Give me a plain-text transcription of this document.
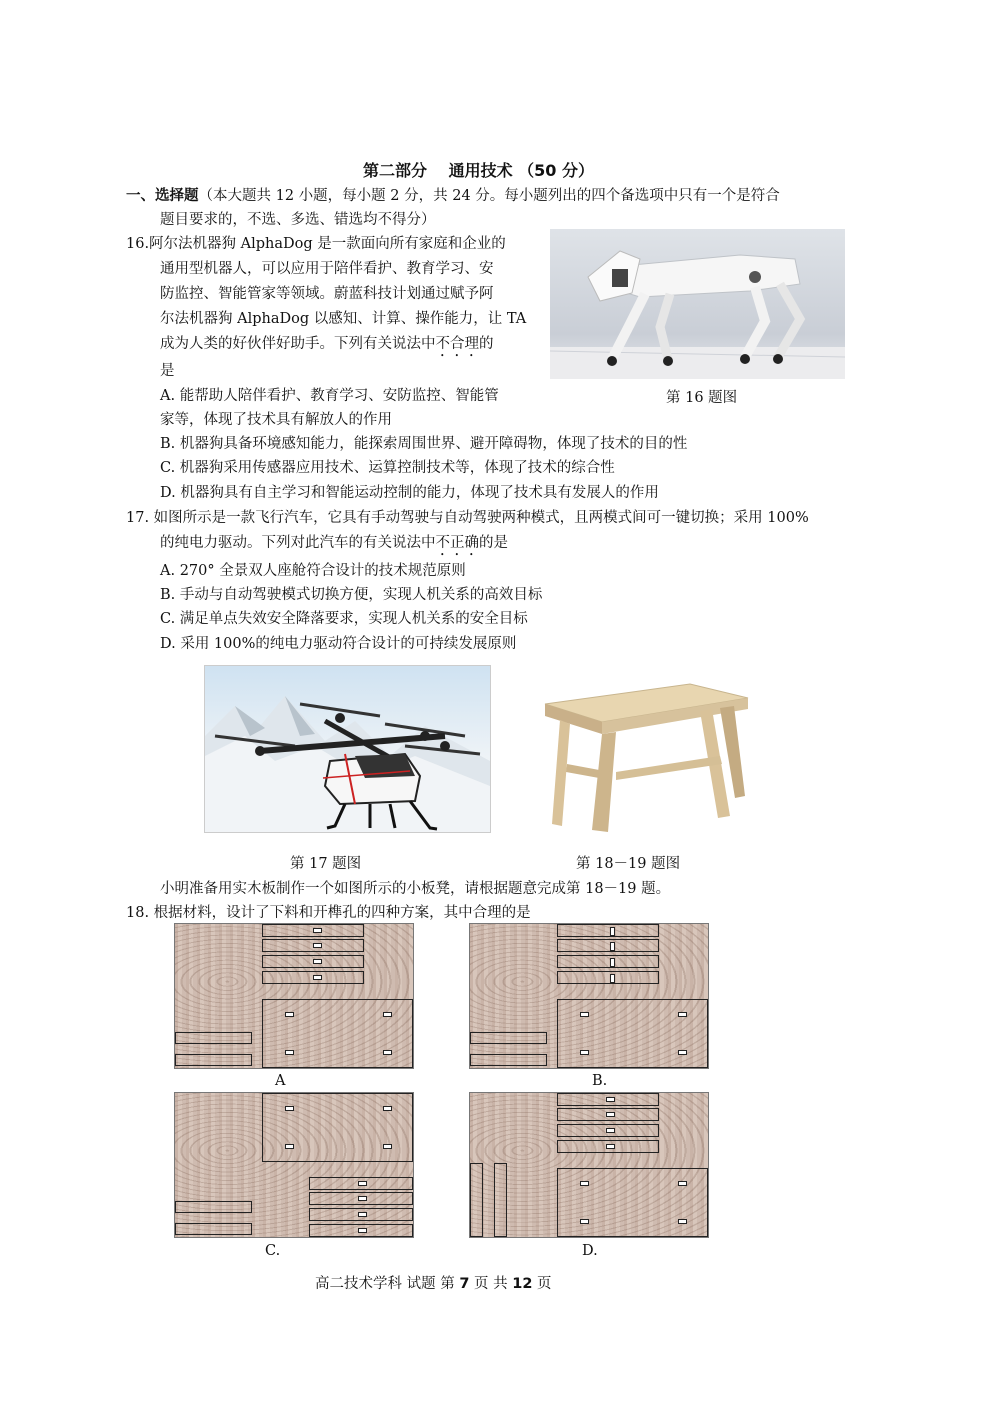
第二部分　 通用技术 （50 分）
一、选择题（本大题共 12 小题，每小题 2 分，共 24 分。每小题列出的四个备选项中只有一个是符合
题目要求的，不选、多选、错选均不得分）
16.阿尔法机器狗 AlphaDog 是一款面向所有家庭和企业的
通用型机器人，可以应用于陪伴看护、教育学习、安
防监控、智能管家等领域。蔚蓝科技计划通过赋予阿
尔法机器狗 AlphaDog 以感知、计算、操作能力，让 TA
成为人类的好伙伴好助手。下列有关说法中不合理的
是
A. 能帮助人陪伴看护、教育学习、安防监控、智能管
家等，体现了技术具有解放人的作用
B. 机器狗具备环境感知能力，能探索周围世界、避开障碍物，体现了技术的目的性
C. 机器狗采用传感器应用技术、运算控制技术等，体现了技术的综合性
D. 机器狗具有自主学习和智能运动控制的能力，体现了技术具有发展人的作用
第 16 题图
17. 如图所示是一款飞行汽车，它具有手动驾驶与自动驾驶两种模式，且两模式间可一键切换；采用 100%
的纯电力驱动。下列对此汽车的有关说法中不正确的是
A. 270° 全景双人座舱符合设计的技术规范原则
B. 手动与自动驾驶模式切换方便，实现人机关系的高效目标
C. 满足单点失效安全降落要求，实现人机关系的安全目标
D. 采用 100%的纯电力驱动符合设计的可持续发展原则
第 17 题图	第 18－19 题图
小明准备用实木板制作一个如图所示的小板凳，请根据题意完成第 18－19 题。
18. 根据材料，设计了下料和开榫孔的四种方案，其中合理的是
A	B.
C.	D.
高二技术学科 试题 第 7 页 共 12 页
